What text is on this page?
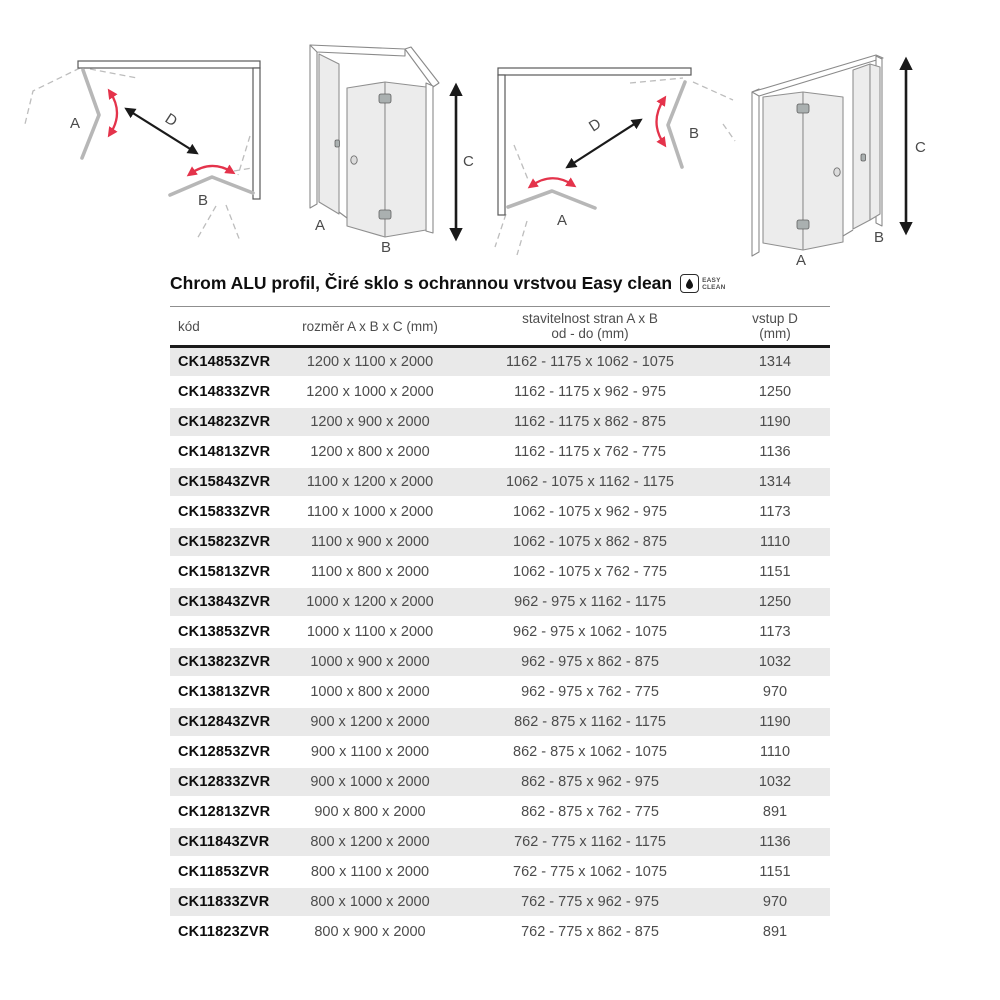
A
B
D
A
B
C
B
A
D
A
B
C
Chrom ALU profil, Čiré sklo s ochrannou vrstvou Easy clean	EASY
CLEAN
kód	rozměr A x B x C (mm)	stavitelnost stran A x B
od - do (mm)	vstup D
(mm)

CK14853ZVR	1200 x 1100 x 2000	1162 - 1175 x 1062 - 1075	1314
CK14833ZVR	1200 x 1000 x 2000	1162 - 1175 x 962 - 975	1250
CK14823ZVR	1200 x 900 x 2000	1162 - 1175 x 862 - 875	1190
CK14813ZVR	1200 x 800 x 2000	1162 - 1175 x 762 - 775	1136
CK15843ZVR	1100 x 1200 x 2000	1062 - 1075 x 1162 - 1175	1314
CK15833ZVR	1100 x 1000 x 2000	1062 - 1075 x 962 - 975	1173
CK15823ZVR	1100 x 900 x 2000	1062 - 1075 x 862 - 875	1110
CK15813ZVR	1100 x 800 x 2000	1062 - 1075 x 762 - 775	1151
CK13843ZVR	1000 x 1200 x 2000	962 - 975 x 1162 - 1175	1250
CK13853ZVR	1000 x 1100 x 2000	962 - 975 x 1062 - 1075	1173
CK13823ZVR	1000 x 900 x 2000	962 - 975 x 862 - 875	1032
CK13813ZVR	1000 x 800 x 2000	962 - 975 x 762 - 775	970
CK12843ZVR	900 x 1200 x 2000	862 - 875 x 1162 - 1175	1190
CK12853ZVR	900 x 1100 x 2000	862 - 875 x 1062 - 1075	1110
CK12833ZVR	900 x 1000 x 2000	862 - 875 x 962 - 975	1032
CK12813ZVR	900 x 800 x 2000	862 - 875 x 762 - 775	891
CK11843ZVR	800 x 1200 x 2000	762 - 775 x 1162 - 1175	1136
CK11853ZVR	800 x 1100 x 2000	762 - 775 x 1062 - 1075	1151
CK11833ZVR	800 x 1000 x 2000	762 - 775 x 962 - 975	970
CK11823ZVR	800 x 900 x 2000	762 - 775 x 862 - 875	891
